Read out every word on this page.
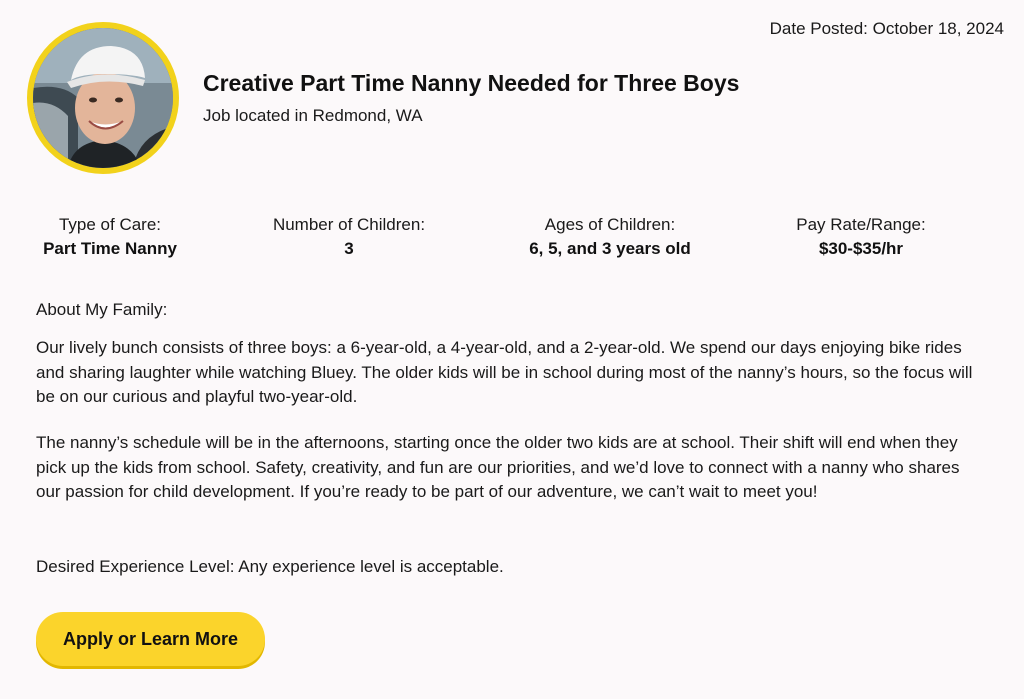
Date Posted: October 18, 2024
Creative Part Time Nanny Needed for Three Boys
Job located in Redmond, WA
Type of Care:
Part Time Nanny
Number of Children:
3
Ages of Children:
6, 5, and 3 years old
Pay Rate/Range:
$30-$35/hr
About My Family:

Our lively bunch consists of three boys: a 6-year-old, a 4-year-old, and a 2-year-old. We spend our days enjoying bike rides and sharing laughter while watching Bluey. The older kids will be in school during most of the nanny’s hours, so the focus will be on our curious and playful two-year-old.

The nanny’s schedule will be in the afternoons, starting once the older two kids are at school. Their shift will end when they pick up the kids from school. Safety, creativity, and fun are our priorities, and we’d love to connect with a nanny who shares our passion for child development. If you’re ready to be part of our adventure, we can’t wait to meet you!

Desired Experience Level: Any experience level is acceptable.
Apply or Learn More
